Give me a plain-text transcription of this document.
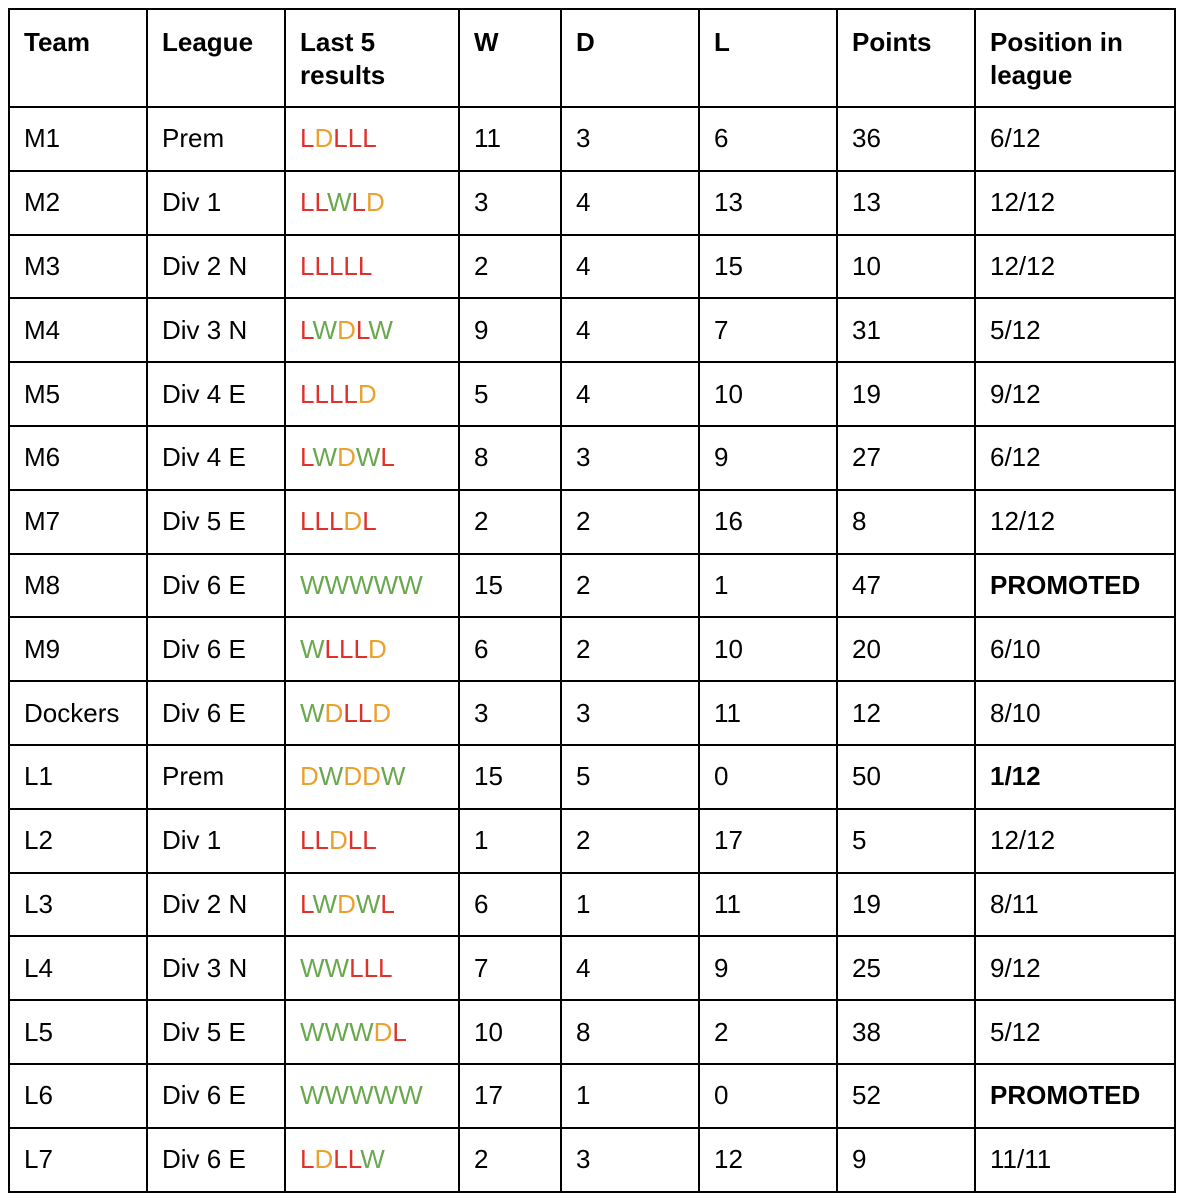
Team	League	Last 5 results	W	D	L	Points	Position in league
M1	Prem	LDLLL	11	3	6	36	6/12
M2	Div 1	LLWLD	3	4	13	13	12/12
M3	Div 2 N	LLLLL	2	4	15	10	12/12
M4	Div 3 N	LWDLW	9	4	7	31	5/12
M5	Div 4 E	LLLLD	5	4	10	19	9/12
M6	Div 4 E	LWDWL	8	3	9	27	6/12
M7	Div 5 E	LLLDL	2	2	16	8	12/12
M8	Div 6 E	WWWWW	15	2	1	47	PROMOTED
M9	Div 6 E	WLLLD	6	2	10	20	6/10
Dockers	Div 6 E	WDLLD	3	3	11	12	8/10
L1	Prem	DWDDW	15	5	0	50	1/12
L2	Div 1	LLDLL	1	2	17	5	12/12
L3	Div 2 N	LWDWL	6	1	11	19	8/11
L4	Div 3 N	WWLLL	7	4	9	25	9/12
L5	Div 5 E	WWWDL	10	8	2	38	5/12
L6	Div 6 E	WWWWW	17	1	0	52	PROMOTED
L7	Div 6 E	LDLLW	2	3	12	9	11/11
